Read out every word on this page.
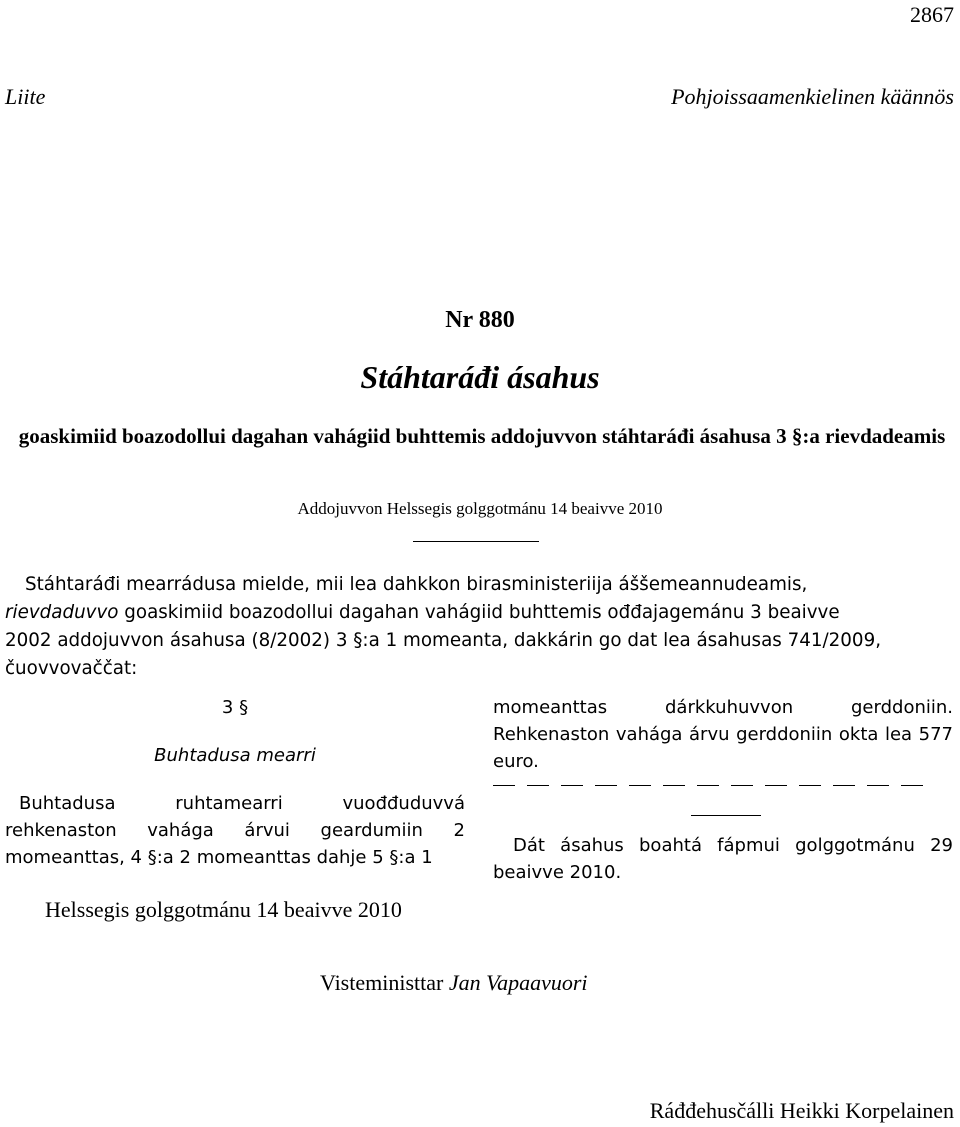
2867
Liite	Pohjoissaamenkielinen käännös
Nr 880
Stáhtaráđi ásahus
goaskimiid boazodollui dagahan vahágiid buhttemis addojuvvon stáhtaráđi ásahusa 3 §:a rievdadeamis
Addojuvvon Helssegis golggotmánu 14 beaivve 2010

Stáhtaráđi mearrádusa mielde, mii lea dahkkon birasministeriija áššemeannudeamis,

rievdaduvvo goaskimiid boazodollui dagahan vahágiid buhttemis ođđajagemánu 3 beaivve

2002 addojuvvon ásahusa (8/2002) 3 §:a 1 momeanta, dakkárin go dat lea ásahusas 741/2009,

čuovvovaččat:

3 §

Buhtadusa mearri

Buhtadusa ruhtamearri vuođđuduvvá rehkenaston vahága árvui geardumiin 2 momeanttas, 4 §:a 2 momeanttas dahje 5 §:a 1

momeanttas dárkkuhuvvon gerddoniin. Rehkenaston vahága árvu gerddoniin okta lea 577 euro.

Dát ásahus boahtá fápmui golggotmánu 29 beaivve 2010.

Helssegis golggotmánu 14 beaivve 2010
Visteministtar Jan Vapaavuori
Ráđđehusčálli Heikki Korpelainen
